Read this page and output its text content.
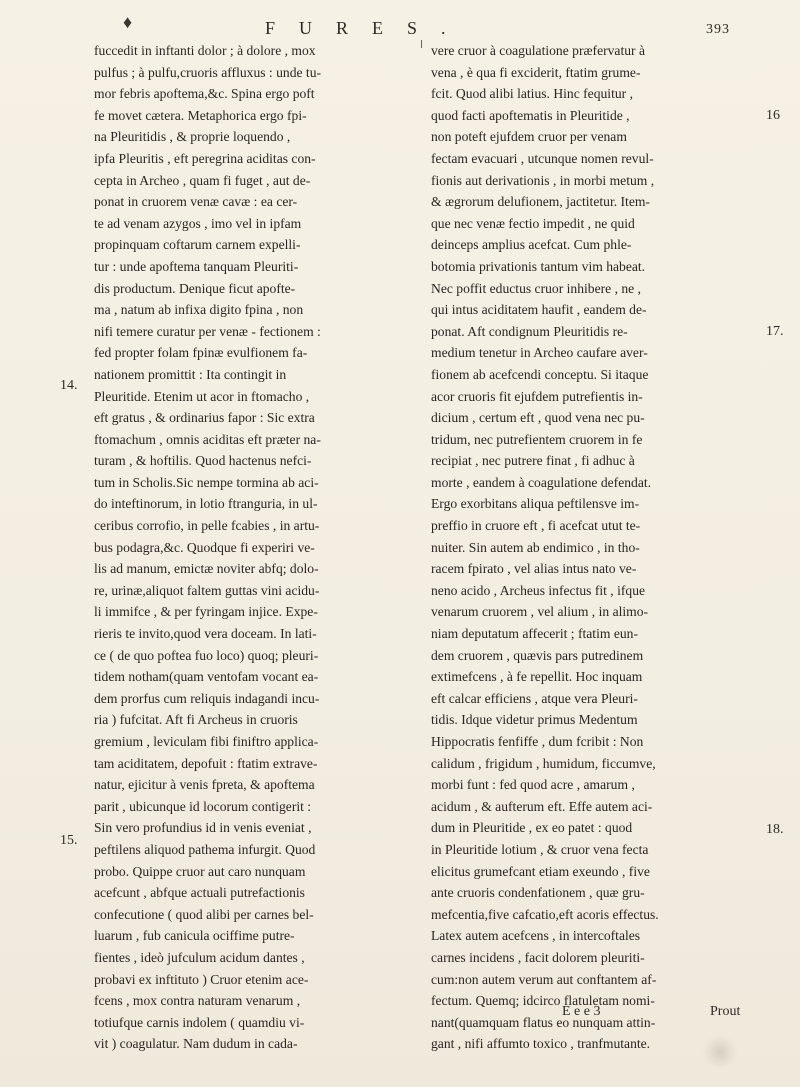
♦	FURES.	393

fuccedit in inftanti dolor ; à dolore , mox
pulfus ; à pulfu,cruoris affluxus : unde tu-
mor febris apoftema,&c. Spina ergo poft
fe movet cætera. Metaphorica ergo fpi-
na Pleuritidis , & proprie loquendo ,
ipfa Pleuritis , eft peregrina aciditas con-
cepta in Archeo , quam fi fuget , aut de-
ponat in cruorem venæ cavæ : ea cer-
te ad venam azygos , imo vel in ipfam
propinquam coftarum carnem expelli-
tur : unde apoftema tanquam Pleuriti-
dis productum. Denique ficut apofte-
ma , natum ab infixa digito fpina , non
nifi temere curatur per venæ - fectionem :
fed propter folam fpinæ evulfionem fa-
nationem promittit : Ita contingit in
Pleuritide. Etenim ut acor in ftomacho ,
eft gratus , & ordinarius fapor : Sic extra
ftomachum , omnis aciditas eft præter na-
turam , & hoftilis. Quod hactenus nefci-
tum in Scholis.Sic nempe tormina ab aci-
do inteftinorum, in lotio ftranguria, in ul-
ceribus corrofio, in pelle fcabies , in artu-
bus podagra,&c. Quodque fi experiri ve-
lis ad manum, emictæ noviter abfq; dolo-
re, urinæ,aliquot faltem guttas vini acidu-
li immifce , & per fyringam injice. Expe-
rieris te invito,quod vera doceam. In lati-
ce ( de quo poftea fuo loco) quoq; pleuri-
tidem notham(quam ventofam vocant ea-
dem prorfus cum reliquis indagandi incu-
ria ) fufcitat. Aft fi Archeus in cruoris
gremium , leviculam fibi finiftro applica-
tam aciditatem, depofuit : ftatim extrave-
natur, ejicitur à venis fpreta, & apoftema
parit , ubicunque id locorum contigerit :
Sin vero profundius id in venis eveniat ,
peftilens aliquod pathema infurgit. Quod
probo. Quippe cruor aut caro nunquam
acefcunt , abfque actuali putrefactionis
confecutione ( quod alibi per carnes bel-
luarum , fub canicula ociffime putre-
fientes , ideò jufculum acidum dantes ,
probavi ex inftituto ) Cruor etenim ace-
fcens , mox contra naturam venarum ,
totiufque carnis indolem ( quamdiu vi-
vit ) coagulatur. Nam dudum in cada-

vere cruor à coagulatione præfervatur à
vena , è qua fi exciderit, ftatim grume-
fcit. Quod alibi latius. Hinc fequitur ,
quod facti apoftematis in Pleuritide ,
non poteft ejufdem cruor per venam
fectam evacuari , utcunque nomen revul-
fionis aut derivationis , in morbi metum ,
& ægrorum delufionem, jactitetur. Item-
que nec venæ fectio impedit , ne quid
deinceps amplius acefcat. Cum phle-
botomia privationis tantum vim habeat.
Nec poffit eductus cruor inhibere , ne ,
qui intus aciditatem haufit , eandem de-
ponat. Aft condignum Pleuritidis re-
medium tenetur in Archeo caufare aver-
fionem ab acefcendi conceptu. Si itaque
acor cruoris fit ejufdem putrefientis in-
dicium , certum eft , quod vena nec pu-
tridum, nec putrefientem cruorem in fe
recipiat , nec putrere finat , fi adhuc à
morte , eandem à coagulatione defendat.
Ergo exorbitans aliqua peftilensve im-
preffio in cruore eft , fi acefcat utut te-
nuiter. Sin autem ab endimico , in tho-
racem fpirato , vel alias intus nato ve-
neno acido , Archeus infectus fit , ifque
venarum cruorem , vel alium , in alimo-
niam deputatum affecerit ; ftatim eun-
dem cruorem , quævis pars putredinem
extimefcens , à fe repellit. Hoc inquam
eft calcar efficiens , atque vera Pleuri-
tidis. Idque videtur primus Medentum
Hippocratis fenfiffe , dum fcribit : Non
calidum , frigidum , humidum, ficcumve,
morbi funt : fed quod acre , amarum ,
acidum , & aufterum eft. Effe autem aci-
dum in Pleuritide , ex eo patet : quod
in Pleuritide lotium , & cruor vena fecta
elicitus grumefcant etiam exeundo , five
ante cruoris condenfationem , quæ gru-
mefcentia,five cafcatio,eft acoris effectus.
Latex autem acefcens , in intercoftales
carnes incidens , facit dolorem pleuriti-
cum:non autem verum aut conftantem af-
fectum. Quemq; idcirco flatuletam nomi-
nant(quamquam flatus eo nunquam attin-
gant , nifi affumto toxico , tranfmutante.

14.
15.
16
17.
18.
E e e 3	Prout
